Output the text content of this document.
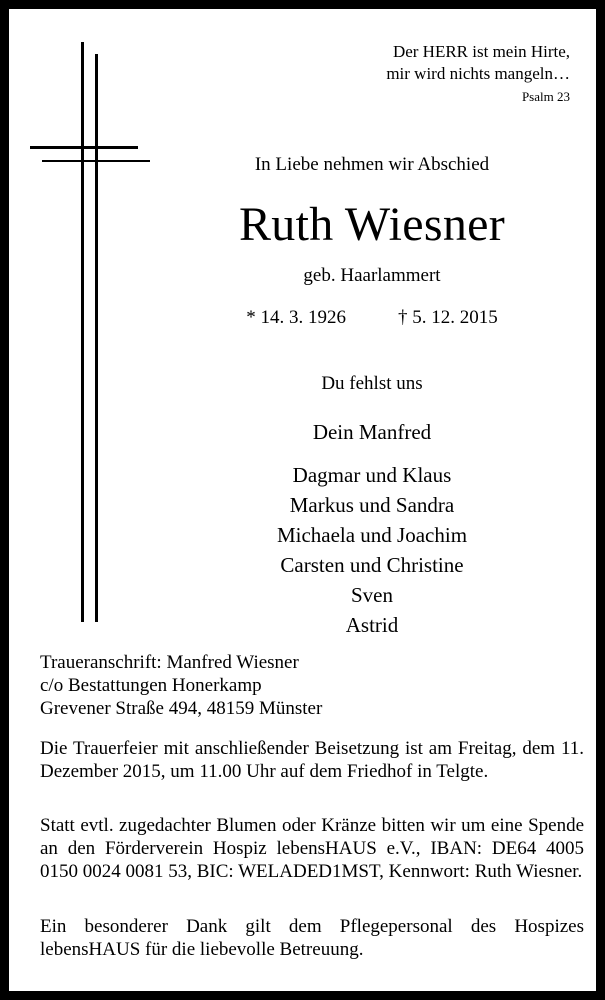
Der HERR ist mein Hirte,
mir wird nichts mangeln…
Psalm 23
In Liebe nehmen wir Abschied
Ruth Wiesner
geb. Haarlammert
* 14. 3. 1926	† 5. 12. 2015
Du fehlst uns
Dein Manfred
Dagmar und Klaus
Markus und Sandra
Michaela und Joachim
Carsten und Christine
Sven
Astrid
Traueranschrift: Manfred Wiesner
c/o Bestattungen Honerkamp
Grevener Straße 494, 48159 Münster
Die Trauerfeier mit anschließender Beisetzung ist am Freitag, dem 11. Dezember 2015, um 11.00 Uhr auf dem Friedhof in Telgte.
Statt evtl. zugedachter Blumen oder Kränze bitten wir um eine Spende an den Förderverein Hospiz lebensHAUS e.V., IBAN: DE64 4005 0150 0024 0081 53, BIC: WELADED1MST, Kennwort: Ruth Wiesner.
Ein besonderer Dank gilt dem Pflegepersonal des Hospizes lebensHAUS für die liebevolle Betreuung.
